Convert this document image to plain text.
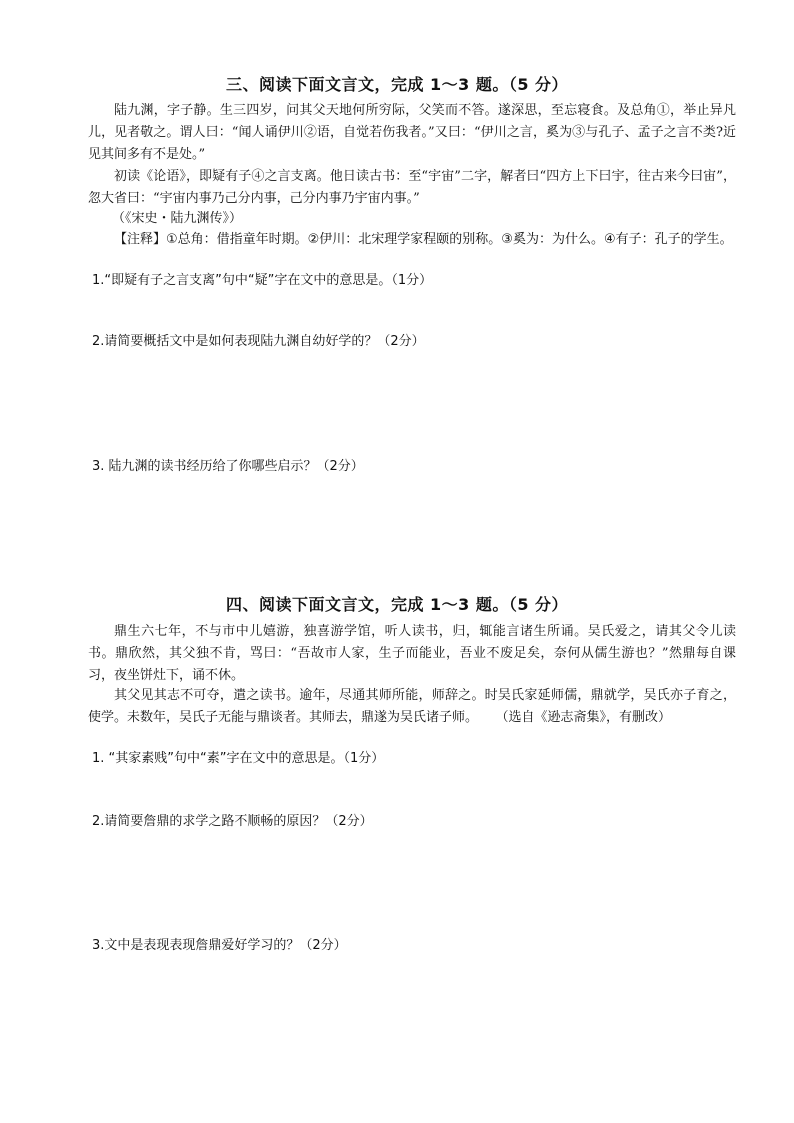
三、阅读下面文言文，完成 1～3 题。（5 分）
陆九渊，字子静。生三四岁，问其父天地何所穷际，父笑而不答。遂深思，至忘寝食。及总角①，举止异凡儿，见者敬之。谓人曰：“闻人诵伊川②语，自觉若伤我者。”又曰：“伊川之言，奚为③与孔子、孟子之言不类?近见其间多有不是处。”
初读《论语》，即疑有子④之言支离。他日读古书：至“宇宙”二字，解者曰“四方上下曰宇，往古来今曰宙”，忽大省曰：“宇宙内事乃己分内事，己分内事乃宇宙内事。”
（《宋史・陆九渊传》）
【注释】①总角：借指童年时期。②伊川：北宋理学家程颐的别称。③奚为：为什么。④有子：孔子的学生。
1.“即疑有子之言支离”句中“疑”字在文中的意思是。（1分）
2.请简要概括文中是如何表现陆九渊自幼好学的？（2分）
3. 陆九渊的读书经历给了你哪些启示？（2分）
四、阅读下面文言文，完成 1～3 题。（5 分）
鼎生六七年，不与市中儿嬉游，独喜游学馆，听人读书，归，辄能言诸生所诵。吴氏爱之，请其父令儿读书。鼎欣然，其父独不肯，骂曰：“吾故市人家，生子而能业，吾业不废足矣，奈何从儒生游也？”然鼎每自课习，夜坐饼灶下，诵不休。
其父见其志不可夺，遣之读书。逾年，尽通其师所能，师辞之。时吴氏家延师儒，鼎就学，吴氏亦子育之，使学。未数年，吴氏子无能与鼎谈者。其师去，鼎遂为吴氏诸子师。 （选自《逊志斋集》，有删改）
1. “其家素贱”句中“素”字在文中的意思是。（1分）
2.请简要詹鼎的求学之路不顺畅的原因？（2分）
3.文中是表现表现詹鼎爱好学习的？（2分）
